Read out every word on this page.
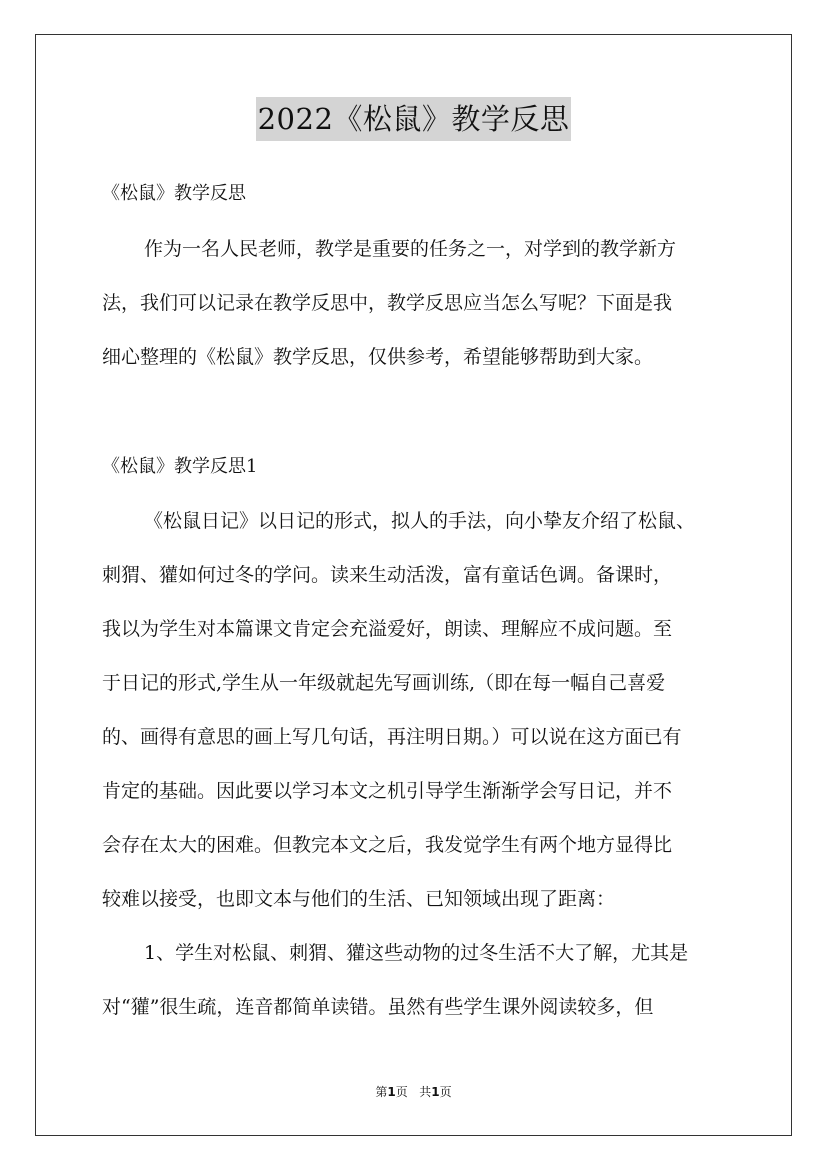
2022《松鼠》教学反思
《松鼠》教学反思
作为一名人民老师，教学是重要的任务之一，对学到的教学新方
法，我们可以记录在教学反思中，教学反思应当怎么写呢？下面是我
细心整理的《松鼠》教学反思，仅供参考，希望能够帮助到大家。
《松鼠》教学反思1
《松鼠日记》以日记的形式，拟人的手法，向小挚友介绍了松鼠、
刺猬、獾如何过冬的学问。读来生动活泼，富有童话色调。备课时，
我以为学生对本篇课文肯定会充溢爱好，朗读、理解应不成问题。至
于日记的形式,学生从一年级就起先写画训练,（即在每一幅自己喜爱
的、画得有意思的画上写几句话，再注明日期。）可以说在这方面已有
肯定的基础。因此要以学习本文之机引导学生渐渐学会写日记，并不
会存在太大的困难。但教完本文之后，我发觉学生有两个地方显得比
较难以接受，也即文本与他们的生活、已知领域出现了距离：
1、学生对松鼠、刺猬、獾这些动物的过冬生活不大了解，尤其是
对“獾”很生疏，连音都简单读错。虽然有些学生课外阅读较多，但
第1页 共1页
